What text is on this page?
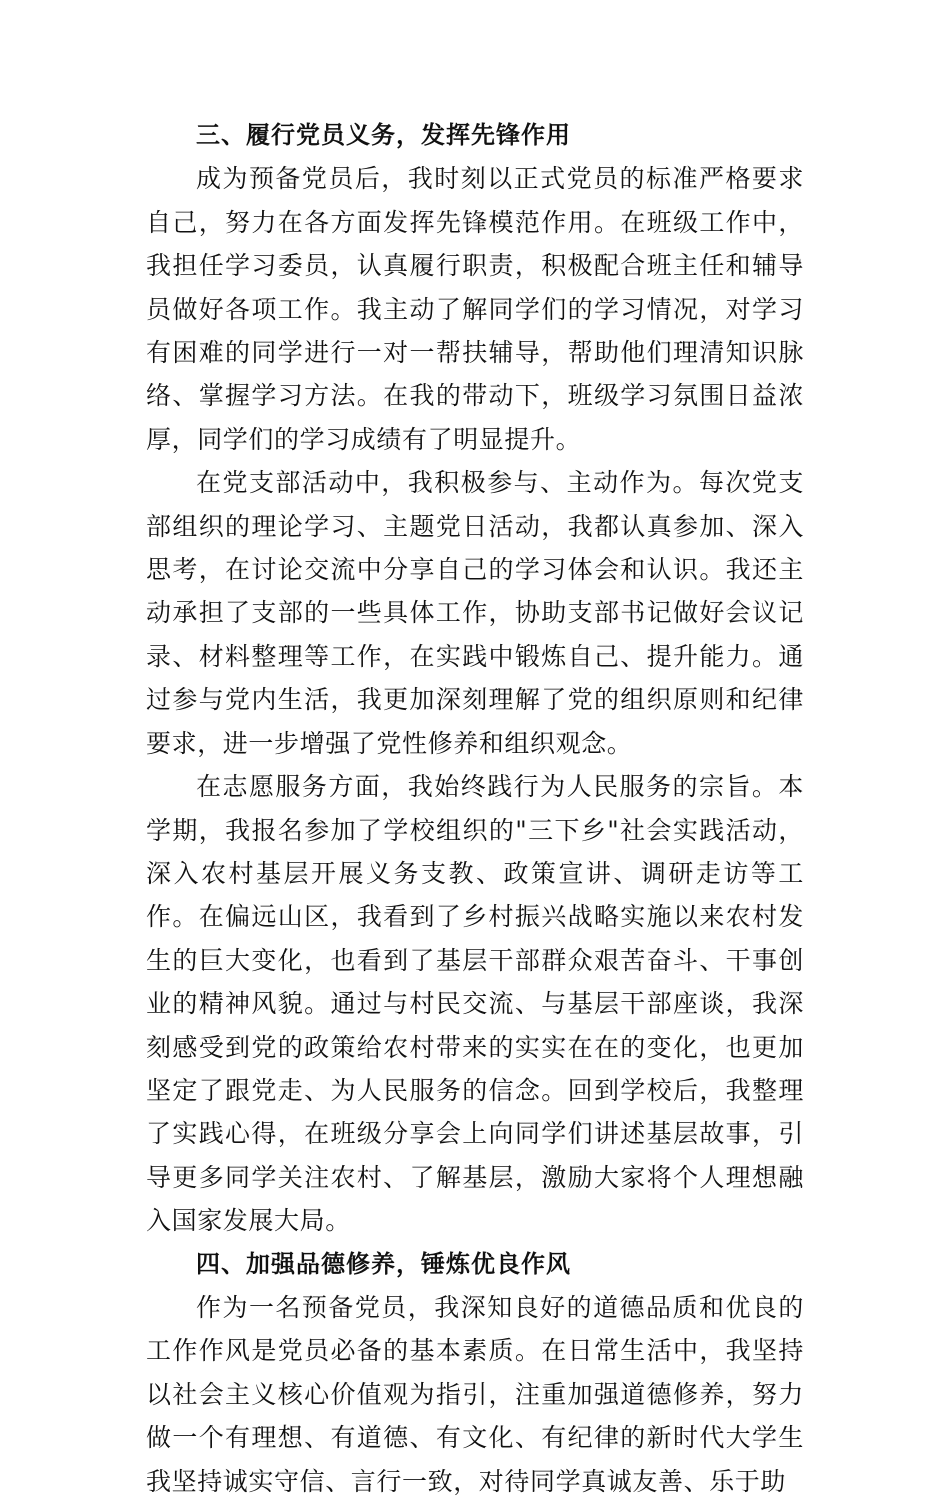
三、履行党员义务，发挥先锋作用

成为预备党员后，我时刻以正式党员的标准严格要求自己，努力在各方面发挥先锋模范作用。在班级工作中，我担任学习委员，认真履行职责，积极配合班主任和辅导员做好各项工作。我主动了解同学们的学习情况，对学习有困难的同学进行一对一帮扶辅导，帮助他们理清知识脉络、掌握学习方法。在我的带动下，班级学习氛围日益浓厚，同学们的学习成绩有了明显提升。

在党支部活动中，我积极参与、主动作为。每次党支部组织的理论学习、主题党日活动，我都认真参加、深入思考，在讨论交流中分享自己的学习体会和认识。我还主动承担了支部的一些具体工作，协助支部书记做好会议记录、材料整理等工作，在实践中锻炼自己、提升能力。通过参与党内生活，我更加深刻理解了党的组织原则和纪律要求，进一步增强了党性修养和组织观念。

在志愿服务方面，我始终践行为人民服务的宗旨。本学期，我报名参加了学校组织的"三下乡"社会实践活动，深入农村基层开展义务支教、政策宣讲、调研走访等工作。在偏远山区，我看到了乡村振兴战略实施以来农村发生的巨大变化，也看到了基层干部群众艰苦奋斗、干事创业的精神风貌。通过与村民交流、与基层干部座谈，我深刻感受到党的政策给农村带来的实实在在的变化，也更加坚定了跟党走、为人民服务的信念。回到学校后，我整理了实践心得，在班级分享会上向同学们讲述基层故事，引导更多同学关注农村、了解基层，激励大家将个人理想融入国家发展大局。

四、加强品德修养，锤炼优良作风

作为一名预备党员，我深知良好的道德品质和优良的工作作风是党员必备的基本素质。在日常生活中，我坚持以社会主义核心价值观为指引，注重加强道德修养，努力做一个有理想、有道德、有文化、有纪律的新时代大学生我坚持诚实守信、言行一致，对待同学真诚友善、乐于助
